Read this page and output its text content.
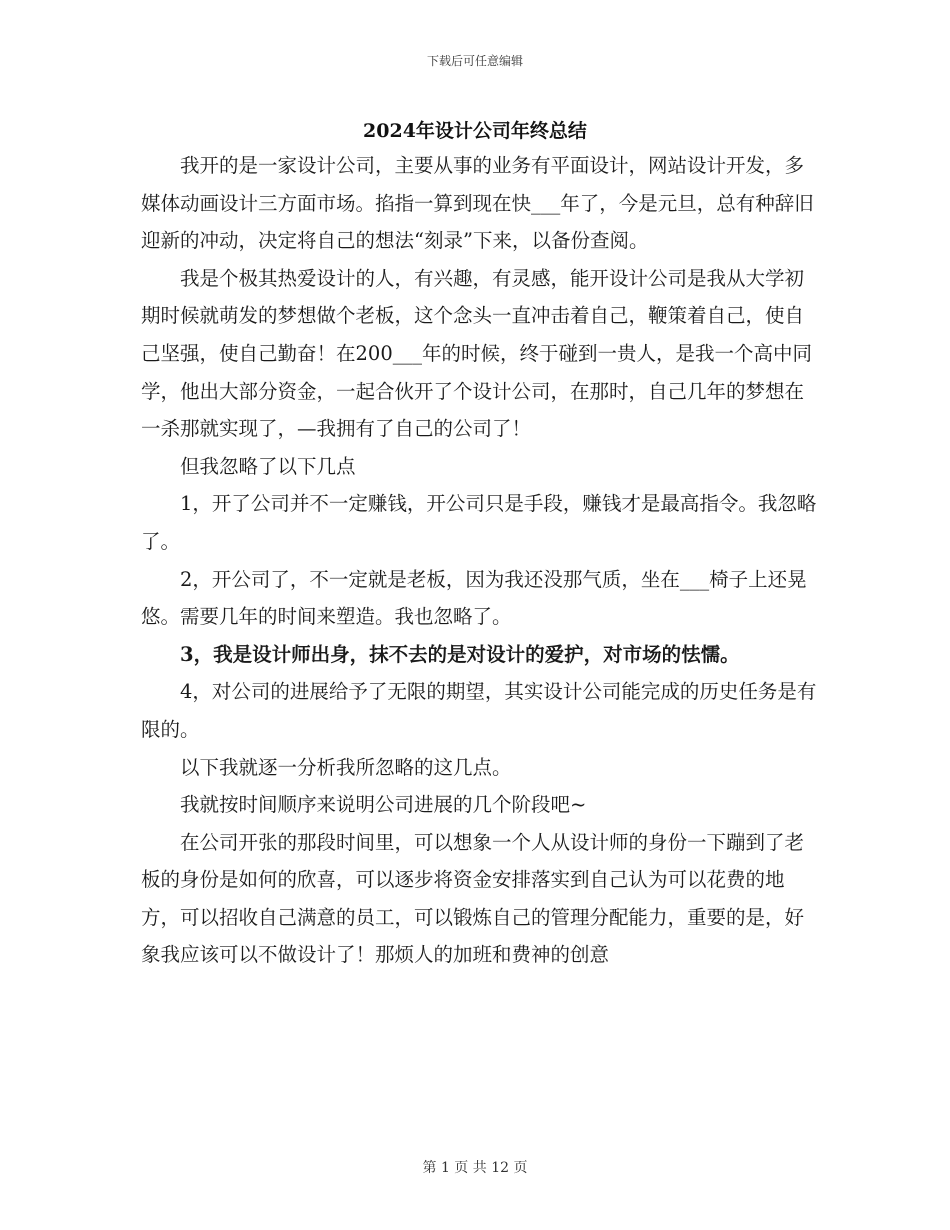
下载后可任意编辑
2024年设计公司年终总结

我开的是一家设计公司，主要从事的业务有平面设计，网站设计开发，多媒体动画设计三方面市场。掐指一算到现在快___年了，今是元旦，总有种辞旧迎新的冲动，决定将自己的想法“刻录”下来，以备份查阅。

我是个极其热爱设计的人，有兴趣，有灵感，能开设计公司是我从大学初期时候就萌发的梦想做个老板，这个念头一直冲击着自己，鞭策着自己，使自己坚强，使自己勤奋！在200___年的时候，终于碰到一贵人，是我一个高中同学，他出大部分资金，一起合伙开了个设计公司，在那时，自己几年的梦想在一杀那就实现了，—我拥有了自己的公司了！

但我忽略了以下几点

1，开了公司并不一定赚钱，开公司只是手段，赚钱才是最高指令。我忽略了。

2，开公司了，不一定就是老板，因为我还没那气质，坐在___椅子上还晃悠。需要几年的时间来塑造。我也忽略了。

3，我是设计师出身，抹不去的是对设计的爱护，对市场的怯懦。

4，对公司的进展给予了无限的期望，其实设计公司能完成的历史任务是有限的。

以下我就逐一分析我所忽略的这几点。

我就按时间顺序来说明公司进展的几个阶段吧~

在公司开张的那段时间里，可以想象一个人从设计师的身份一下蹦到了老板的身份是如何的欣喜，可以逐步将资金安排落实到自己认为可以花费的地方，可以招收自己满意的员工，可以锻炼自己的管理分配能力，重要的是，好象我应该可以不做设计了！那烦人的加班和费神的创意

第 1 页 共 12 页
